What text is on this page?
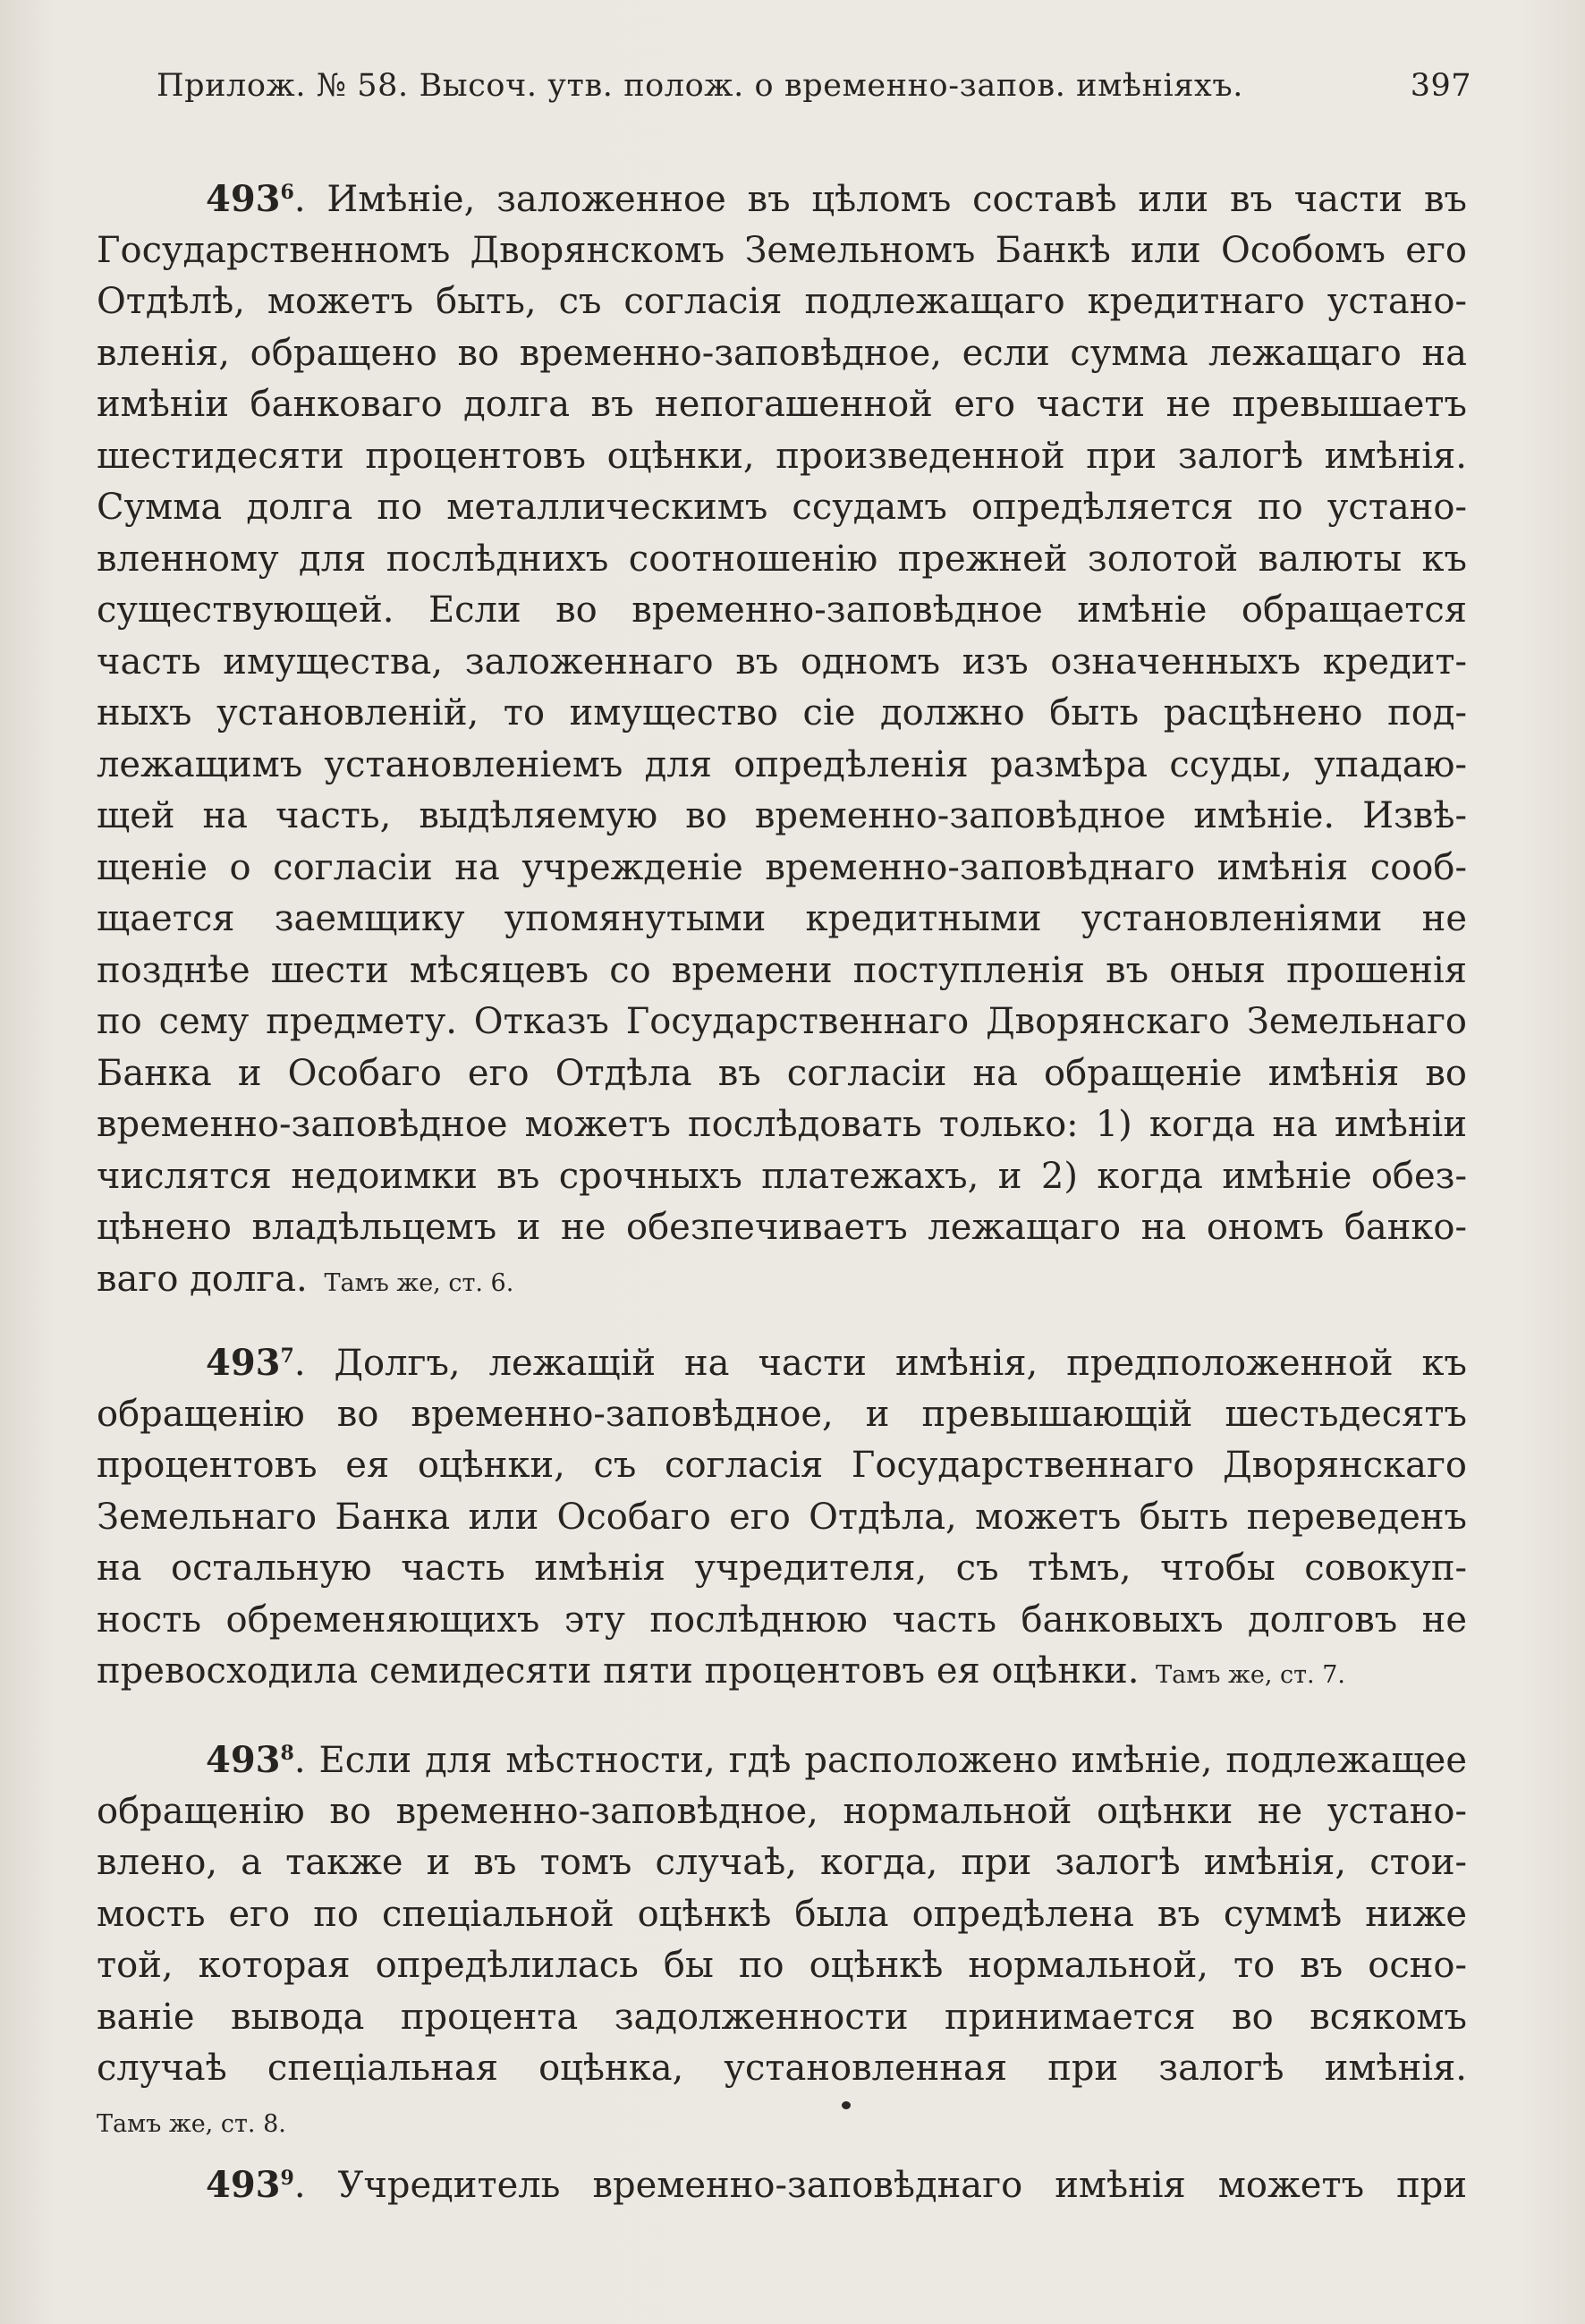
Прилож. № 58. Высоч. утв. полож. о временно-запов. имѣніяхъ.	397
$493^6$. Имѣніе, заложенное въ цѣломъ составѣ или въ части въ
Государственномъ Дворянскомъ Земельномъ Банкѣ или Особомъ его
Отдѣлѣ, можетъ быть, съ согласія подлежащаго кредитнаго устано-
вленія, обращено во временно-заповѣдное, если сумма лежащаго на
имѣніи банковаго долга въ непогашенной его части не превышаетъ
шестидесяти процентовъ оцѣнки, произведенной при залогѣ имѣнія.
Сумма долга по металлическимъ ссудамъ опредѣляется по устано-
вленному для послѣднихъ соотношенію прежней золотой валюты къ
существующей. Если во временно-заповѣдное имѣніе обращается
часть имущества, заложеннаго въ одномъ изъ означенныхъ кредит-
ныхъ установленій, то имущество сіе должно быть расцѣнено под-
лежащимъ установленіемъ для опредѣленія размѣра ссуды, упадаю-
щей на часть, выдѣляемую во временно-заповѣдное имѣніе. Извѣ-
щеніе о согласіи на учрежденіе временно-заповѣднаго имѣнія сооб-
щается заемщику упомянутыми кредитными установленіями не
позднѣе шести мѣсяцевъ со времени поступленія въ оныя прошенія
по сему предмету. Отказъ Государственнаго Дворянскаго Земельнаго
Банка и Особаго его Отдѣла въ согласіи на обращеніе имѣнія во
временно-заповѣдное можетъ послѣдовать только: 1) когда на имѣніи
числятся недоимки въ срочныхъ платежахъ, и 2) когда имѣніе обез-
цѣнено владѣльцемъ и не обезпечиваетъ лежащаго на ономъ банко-
ваго долга. Тамъ же, ст. 6.
$493^7$. Долгъ, лежащій на части имѣнія, предположенной къ
обращенію во временно-заповѣдное, и превышающій шестьдесятъ
процентовъ ея оцѣнки, съ согласія Государственнаго Дворянскаго
Земельнаго Банка или Особаго его Отдѣла, можетъ быть переведенъ
на остальную часть имѣнія учредителя, съ тѣмъ, чтобы совокуп-
ность обременяющихъ эту послѣднюю часть банковыхъ долговъ не
превосходила семидесяти пяти процентовъ ея оцѣнки. Тамъ же, ст. 7.
$493^8$. Если для мѣстности, гдѣ расположено имѣніе, подлежащее
обращенію во временно-заповѣдное, нормальной оцѣнки не устано-
влено, а также и въ томъ случаѣ, когда, при залогѣ имѣнія, стои-
мость его по спеціальной оцѣнкѣ была опредѣлена въ суммѣ ниже
той, которая опредѣлилась бы по оцѣнкѣ нормальной, то въ осно-
ваніе вывода процента задолженности принимается во всякомъ
случаѣ спеціальная оцѣнка, установленная при залогѣ имѣнія.
Тамъ же, ст. 8.
$493^9$. Учредитель временно-заповѣднаго имѣнія можетъ при
